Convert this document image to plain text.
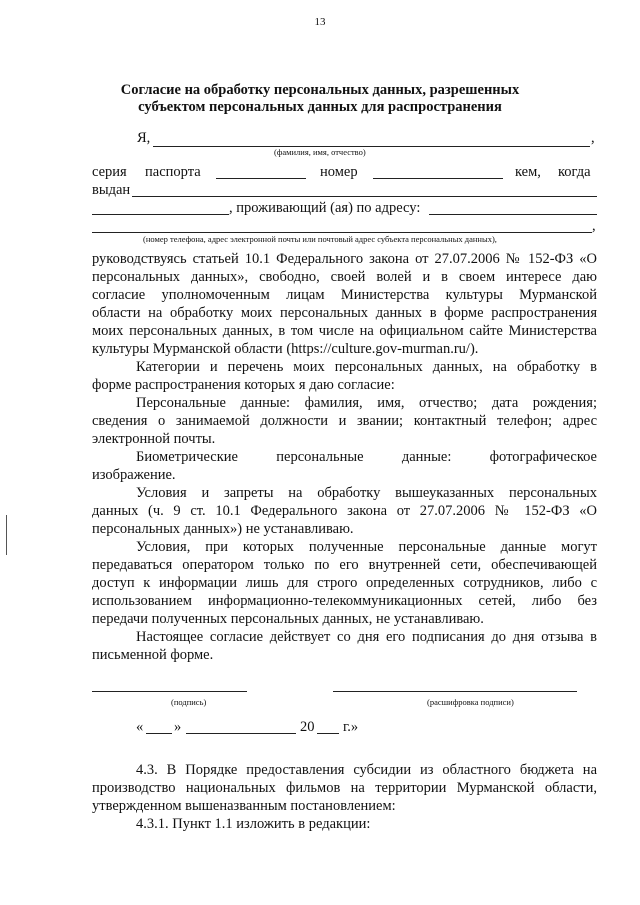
13
Согласие на обработку персональных данных, разрешенных
субъектом персональных данных для распространения
Я,	,
(фамилия, имя, отчество)
серия паспорта	номер	кем, когда
выдан
, проживающий (ая) по адресу:
,
(номер телефона, адрес электронной почты или почтовый адрес субъекта персональных данных),
руководствуясь статьей 10.1 Федерального закона от 27.07.2006 № 152-ФЗ «О
персональных данных», свободно, своей волей и в своем интересе даю
согласие уполномоченным лицам Министерства культуры Мурманской
области на обработку моих персональных данных в форме распространения
моих персональных данных, в том числе на официальном сайте Министерства
культуры Мурманской области (https://culture.gov-murman.ru/).
Категории и перечень моих персональных данных, на обработку в
форме распространения которых я даю согласие:
Персональные данные: фамилия, имя, отчество; дата рождения;
сведения о занимаемой должности и звании; контактный телефон; адрес
электронной почты.
Биометрические персональные данные: фотографическое
изображение.
Условия и запреты на обработку вышеуказанных персональных
данных (ч. 9 ст. 10.1 Федерального закона от 27.07.2006 № 152-ФЗ «О
персональных данных») не устанавливаю.
Условия, при которых полученные персональные данные могут
передаваться оператором только по его внутренней сети, обеспечивающей
доступ к информации лишь для строго определенных сотрудников, либо с
использованием информационно-телекоммуникационных сетей, либо без
передачи полученных персональных данных, не устанавливаю.
Настоящее согласие действует со дня его подписания до дня отзыва в
письменной форме.
(подпись)	(расшифровка подписи)
« »	20 г.»
4.3. В Порядке предоставления субсидии из областного бюджета на
производство национальных фильмов на территории Мурманской области,
утвержденном вышеназванным постановлением:
4.3.1. Пункт 1.1 изложить в редакции:
